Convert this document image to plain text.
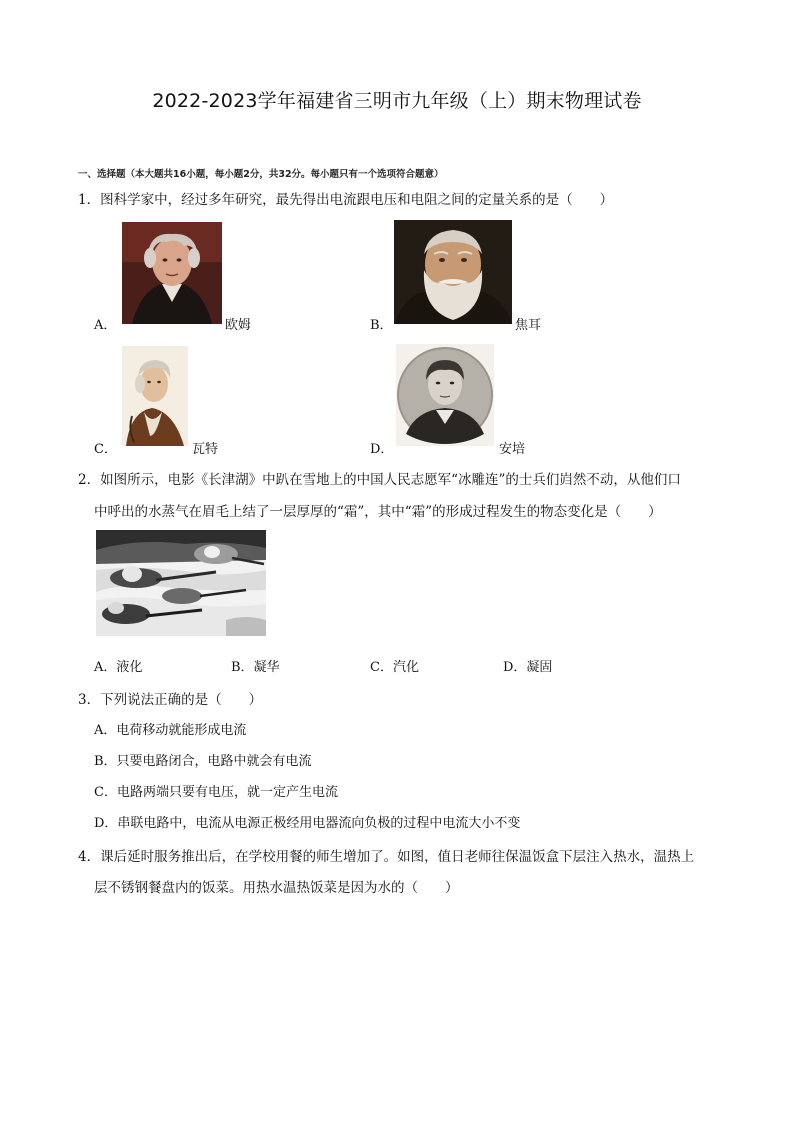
2022-2023学年福建省三明市九年级（上）期末物理试卷
一、选择题（本大题共16小题，每小题2分，共32分。每小题只有一个选项符合题意）
1．图科学家中，经过多年研究，最先得出电流跟电压和电阻之间的定量关系的是（　　）
A．	欧姆	B．	焦耳
C．	瓦特	D．	安培
2．如图所示，电影《长津湖》中趴在雪地上的中国人民志愿军“冰雕连”的士兵们岿然不动，从他们口
中呼出的水蒸气在眉毛上结了一层厚厚的“霜”，其中“霜”的形成过程发生的物态变化是（　　）
A．液化	B．凝华	C．汽化	D．凝固
3．下列说法正确的是（　　）
A．电荷移动就能形成电流
B．只要电路闭合，电路中就会有电流
C．电路两端只要有电压，就一定产生电流
D．串联电路中，电流从电源正极经用电器流向负极的过程中电流大小不变
4．课后延时服务推出后，在学校用餐的师生增加了。如图，值日老师往保温饭盒下层注入热水，温热上
层不锈钢餐盘内的饭菜。用热水温热饭菜是因为水的（　　）
